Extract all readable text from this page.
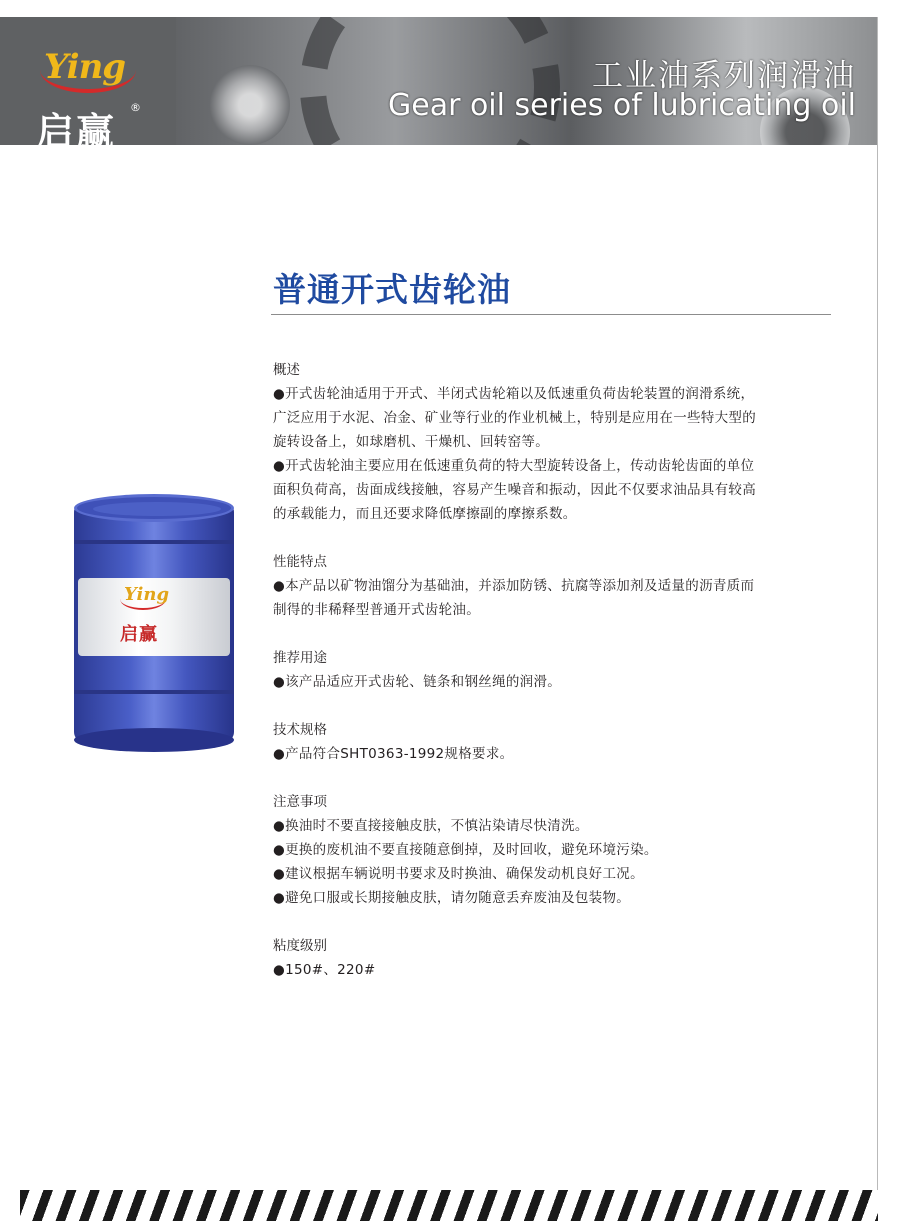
Ying
启赢
®
工业油系列润滑油
Gear oil series of lubricating oil
Ying
启赢
普通开式齿轮油

概述

●开式齿轮油适用于开式、半闭式齿轮箱以及低速重负荷齿轮装置的润滑系统，

广泛应用于水泥、冶金、矿业等行业的作业机械上，特别是应用在一些特大型的

旋转设备上，如球磨机、干燥机、回转窑等。

●开式齿轮油主要应用在低速重负荷的特大型旋转设备上，传动齿轮齿面的单位

面积负荷高，齿面成线接触，容易产生噪音和振动，因此不仅要求油品具有较高

的承载能力，而且还要求降低摩擦副的摩擦系数。

性能特点

●本产品以矿物油馏分为基础油，并添加防锈、抗腐等添加剂及适量的沥青质而

制得的非稀释型普通开式齿轮油。

推荐用途

●该产品适应开式齿轮、链条和钢丝绳的润滑。

技术规格

●产品符合SHT0363-1992规格要求。

注意事项

●换油时不要直接接触皮肤，不慎沾染请尽快清洗。

●更换的废机油不要直接随意倒掉，及时回收，避免环境污染。

●建议根据车辆说明书要求及时换油、确保发动机良好工况。

●避免口服或长期接触皮肤，请勿随意丢弃废油及包装物。

粘度级别

●150#、220#
